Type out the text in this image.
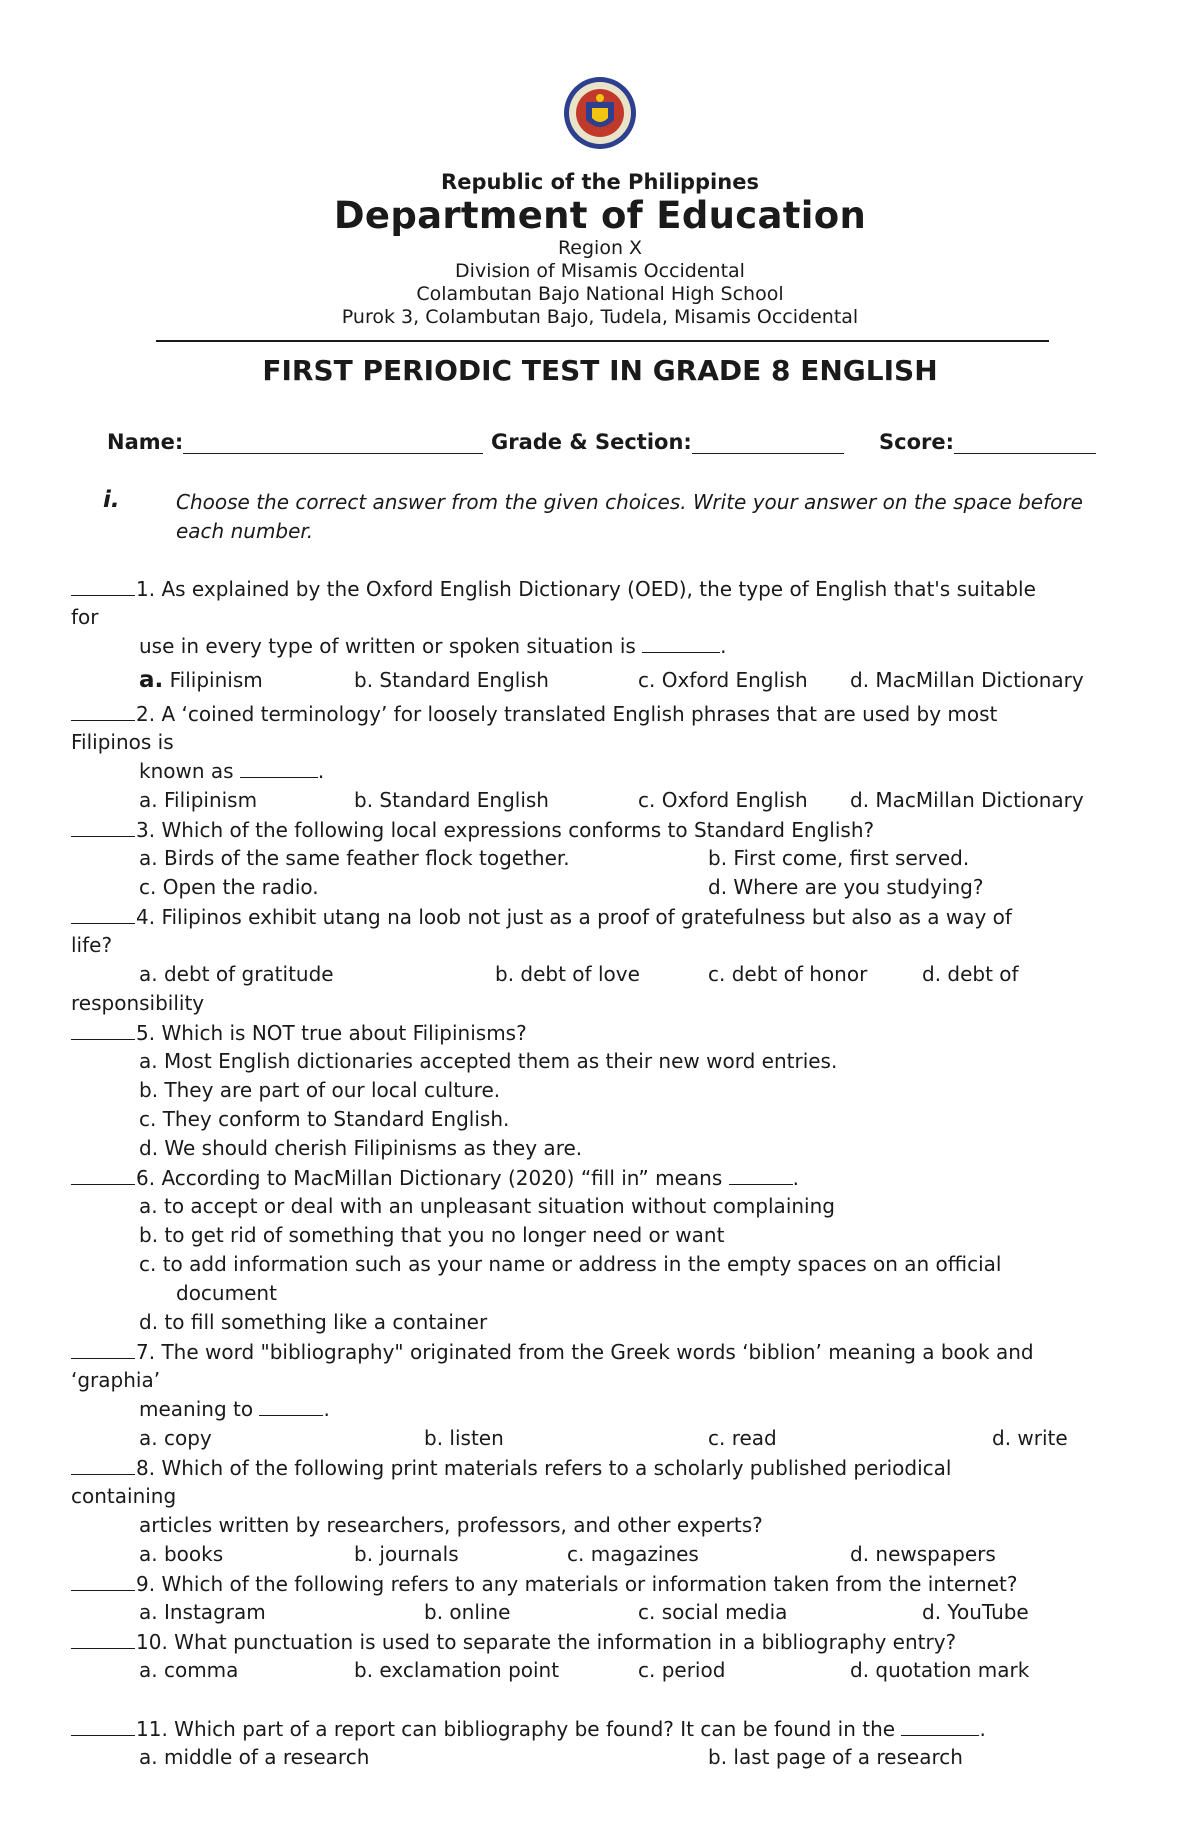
Republic of the Philippines

Department of Education

Region X

Division of Misamis Occidental

Colambutan Bajo National High School

Purok 3, Colambutan Bajo, Tudela, Misamis Occidental

FIRST PERIODIC TEST IN GRADE 8 ENGLISH
Name:	Grade & Section:	Score:
i.	Choose the correct answer from the given choices. Write your answer on the space before each number.
1. As explained by the Oxford English Dictionary (OED), the type of English that's suitable
for
use in every type of written or spoken situation is	.
a. Filipinism	b. Standard English	c. Oxford English d. MacMillan Dictionary
2. A ‘coined terminology’ for loosely translated English phrases that are used by most
Filipinos is
known as	.
a. Filipinism	b. Standard English	c. Oxford English d. MacMillan Dictionary
3. Which of the following local expressions conforms to Standard English?
a. Birds of the same feather flock together.	b. First come, first served.
c. Open the radio.	d. Where are you studying?
4. Filipinos exhibit utang na loob not just as a proof of gratefulness but also as a way of
life?
a. debt of gratitude	b. debt of love	c. debt of honor	d. debt of
responsibility
5. Which is NOT true about Filipinisms?
a. Most English dictionaries accepted them as their new word entries.
b. They are part of our local culture.
c. They conform to Standard English.
d. We should cherish Filipinisms as they are.
6. According to MacMillan Dictionary (2020) “fill in” means	.
a. to accept or deal with an unpleasant situation without complaining
b. to get rid of something that you no longer need or want
c. to add information such as your name or address in the empty spaces on an official
document
d. to fill something like a container
7. The word "bibliography" originated from the Greek words ‘biblion’ meaning a book and
‘graphia’
meaning to	.
a. copy	b. listen	c. read	d. write
8. Which of the following print materials refers to a scholarly published periodical
containing
articles written by researchers, professors, and other experts?
a. books	b. journals	c. magazines	d. newspapers
9. Which of the following refers to any materials or information taken from the internet?
a. Instagram	b. online	c. social media	d. YouTube
10. What punctuation is used to separate the information in a bibliography entry?
a. comma	b. exclamation point	c. period	d. quotation mark
11. Which part of a report can bibliography be found? It can be found in the	.
a. middle of a research	b. last page of a research
